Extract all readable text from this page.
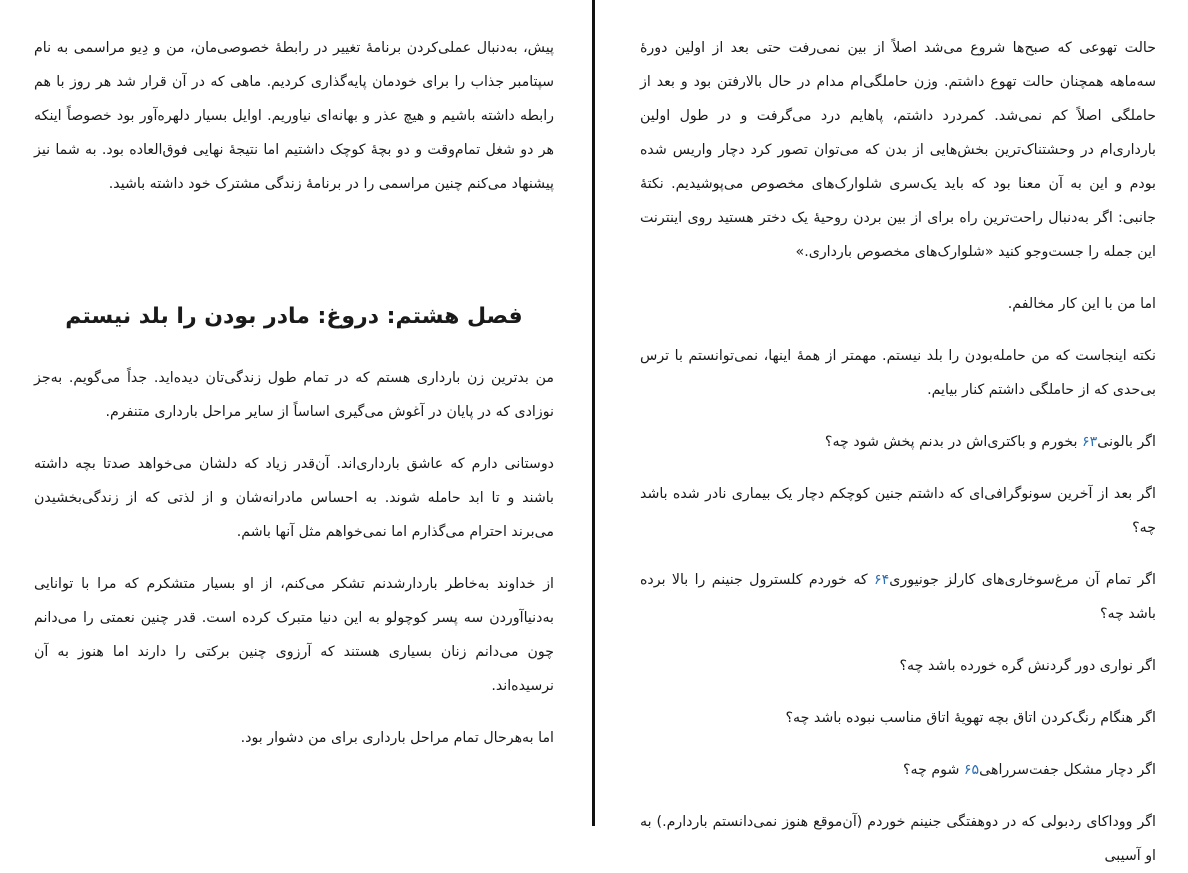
پیش، به‌دنبال عملی‌کردن برنامهٔ تغییر در رابطهٔ خصوصی‌مان، من و دِیو مراسمی به نام سپتامبر جذاب را برای خودمان پایه‌گذاری کردیم. ماهی که در آن قرار شد هر روز با هم رابطه داشته باشیم و هیچ عذر و بهانه‌ای نیاوریم. اوایل بسیار دلهره‌آور بود خصوصاً اینکه هر دو شغل تمام‌وقت و دو بچهٔ کوچک داشتیم اما نتیجهٔ نهایی فوق‌العاده بود. به شما نیز پیشنهاد می‌کنم چنین مراسمی را در برنامهٔ زندگی مشترک خود داشته باشید.

فصل هشتم: دروغ: مادر بودن را بلد نیستم

من بدترین زن بارداری هستم که در تمام طول زندگی‌تان دیده‌اید. جداً می‌گویم. به‌جز نوزادی که در پایان در آغوش می‌گیری اساساً از سایر مراحل بارداری متنفرم.

دوستانی دارم که عاشق بارداری‌اند. آن‌قدر زیاد که دلشان می‌خواهد صدتا بچه داشته باشند و تا ابد حامله شوند. به احساس مادرانه‌شان و از لذتی که از زندگی‌بخشیدن می‌برند احترام می‌گذارم اما نمی‌خواهم مثل آنها باشم.

از خداوند به‌خاطر باردارشدنم تشکر می‌کنم، از او بسیار متشکرم که مرا با توانایی به‌دنیاآوردن سه پسر کوچولو به این دنیا متبرک کرده است. قدر چنین نعمتی را می‌دانم چون می‌دانم زنان بسیاری هستند که آرزوی چنین برکتی را دارند اما هنوز به آن نرسیده‌اند.

اما به‌هرحال تمام مراحل بارداری برای من دشوار بود.

حالت تهوعی که صبح‌ها شروع می‌شد اصلاً از بین نمی‌رفت حتی بعد از اولین دورهٔ سه‌ماهه همچنان حالت تهوع داشتم. وزن حاملگی‌ام مدام در حال بالارفتن بود و بعد از حاملگی اصلاً کم نمی‌شد. کمردرد داشتم، پاهایم درد می‌گرفت و در طول اولین بارداری‌ام در وحشتناک‌ترین بخش‌هایی از بدن که می‌توان تصور کرد دچار واریس شده بودم و این به آن معنا بود که باید یک‌سری شلوارک‌های مخصوص می‌پوشیدیم. نکتهٔ جانبی: اگر به‌دنبال راحت‌ترین راه برای از بین بردن روحیهٔ یک دختر هستید روی اینترنت این جمله را جست‌وجو کنید «شلوارک‌های مخصوص بارداری.»

اما من با این کار مخالفم.

نکته اینجاست که من حامله‌بودن را بلد نیستم. مهمتر از همهٔ اینها، نمی‌توانستم با ترس بی‌حدی که از حاملگی داشتم کنار بیایم.

اگر بالونی۶۳ بخورم و باکتری‌اش در بدنم پخش شود چه؟

اگر بعد از آخرین سونوگرافی‌ای که داشتم جنین کوچکم دچار یک بیماری نادر شده باشد چه؟

اگر تمام آن مرغ‌سوخاری‌های کارلز جونیوری۶۴ که خوردم کلسترول جنینم را بالا برده باشد چه؟

اگر نواری دور گردنش گره خورده باشد چه؟

اگر هنگام رنگ‌کردن اتاق بچه تهویهٔ اتاق مناسب نبوده باشد چه؟

اگر دچار مشکل جفت‌سرراهی۶۵ شوم چه؟

اگر ووداکای ردبولی که در دوهفتگی جنینم خوردم (آن‌موقع هنوز نمی‌دانستم باردارم.) به او آسیبی
